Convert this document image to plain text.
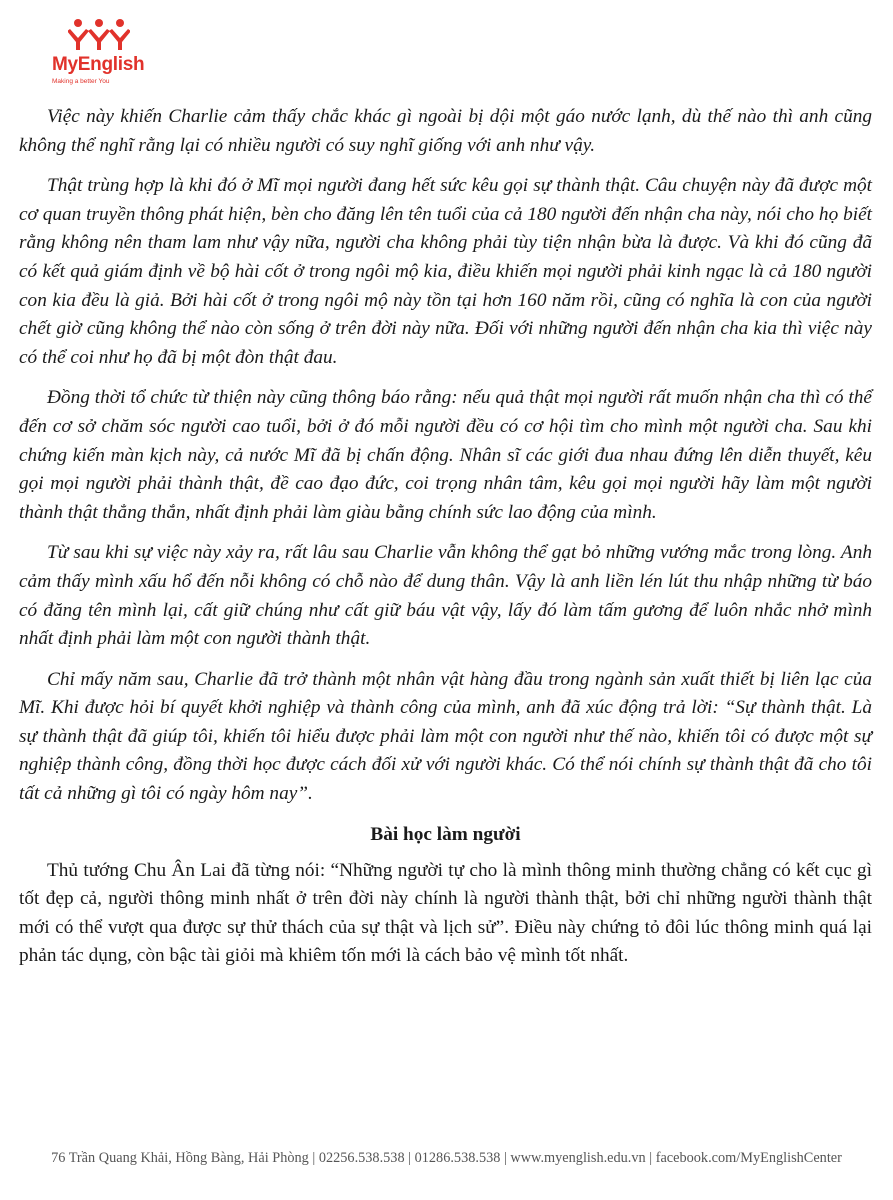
MyEnglish
Making a better You

Việc này khiến Charlie cảm thấy chắc khác gì ngoài bị dội một gáo nước lạnh, dù thế nào thì anh cũng không thể nghĩ rằng lại có nhiều người có suy nghĩ giống với anh như vậy.

Thật trùng hợp là khi đó ở Mĩ mọi người đang hết sức kêu gọi sự thành thật. Câu chuyện này đã được một cơ quan truyền thông phát hiện, bèn cho đăng lên tên tuổi của cả 180 người đến nhận cha này, nói cho họ biết rằng không nên tham lam như vậy nữa, người cha không phải tùy tiện nhận bừa là được. Và khi đó cũng đã có kết quả giám định về bộ hài cốt ở trong ngôi mộ kia, điều khiến mọi người phải kinh ngạc là cả 180 người con kia đều là giả. Bởi hài cốt ở trong ngôi mộ này tồn tại hơn 160 năm rồi, cũng có nghĩa là con của người chết giờ cũng không thể nào còn sống ở trên đời này nữa. Đối với những người đến nhận cha kia thì việc này có thể coi như họ đã bị một đòn thật đau.

Đồng thời tổ chức từ thiện này cũng thông báo rằng: nếu quả thật mọi người rất muốn nhận cha thì có thể đến cơ sở chăm sóc người cao tuổi, bởi ở đó mỗi người đều có cơ hội tìm cho mình một người cha. Sau khi chứng kiến màn kịch này, cả nước Mĩ đã bị chấn động. Nhân sĩ các giới đua nhau đứng lên diễn thuyết, kêu gọi mọi người phải thành thật, đề cao đạo đức, coi trọng nhân tâm, kêu gọi mọi người hãy làm một người thành thật thẳng thắn, nhất định phải làm giàu bằng chính sức lao động của mình.

Từ sau khi sự việc này xảy ra, rất lâu sau Charlie vẫn không thể gạt bỏ những vướng mắc trong lòng. Anh cảm thấy mình xấu hổ đến nỗi không có chỗ nào để dung thân. Vậy là anh liền lén lút thu nhập những từ báo có đăng tên mình lại, cất giữ chúng như cất giữ báu vật vậy, lấy đó làm tấm gương để luôn nhắc nhở mình nhất định phải làm một con người thành thật.

Chỉ mấy năm sau, Charlie đã trở thành một nhân vật hàng đầu trong ngành sản xuất thiết bị liên lạc của Mĩ. Khi được hỏi bí quyết khởi nghiệp và thành công của mình, anh đã xúc động trả lời: “Sự thành thật. Là sự thành thật đã giúp tôi, khiến tôi hiểu được phải làm một con người như thế nào, khiến tôi có được một sự nghiệp thành công, đồng thời học được cách đối xử với người khác. Có thể nói chính sự thành thật đã cho tôi tất cả những gì tôi có ngày hôm nay”.

Bài học làm người

Thủ tướng Chu Ân Lai đã từng nói: “Những người tự cho là mình thông minh thường chẳng có kết cục gì tốt đẹp cả, người thông minh nhất ở trên đời này chính là người thành thật, bởi chỉ những người thành thật mới có thể vượt qua được sự thử thách của sự thật và lịch sử”. Điều này chứng tỏ đôi lúc thông minh quá lại phản tác dụng, còn bậc tài giỏi mà khiêm tốn mới là cách bảo vệ mình tốt nhất.

76 Trần Quang Khải, Hồng Bàng, Hải Phòng | 02256.538.538 | 01286.538.538 | www.myenglish.edu.vn | facebook.com/MyEnglishCenter
